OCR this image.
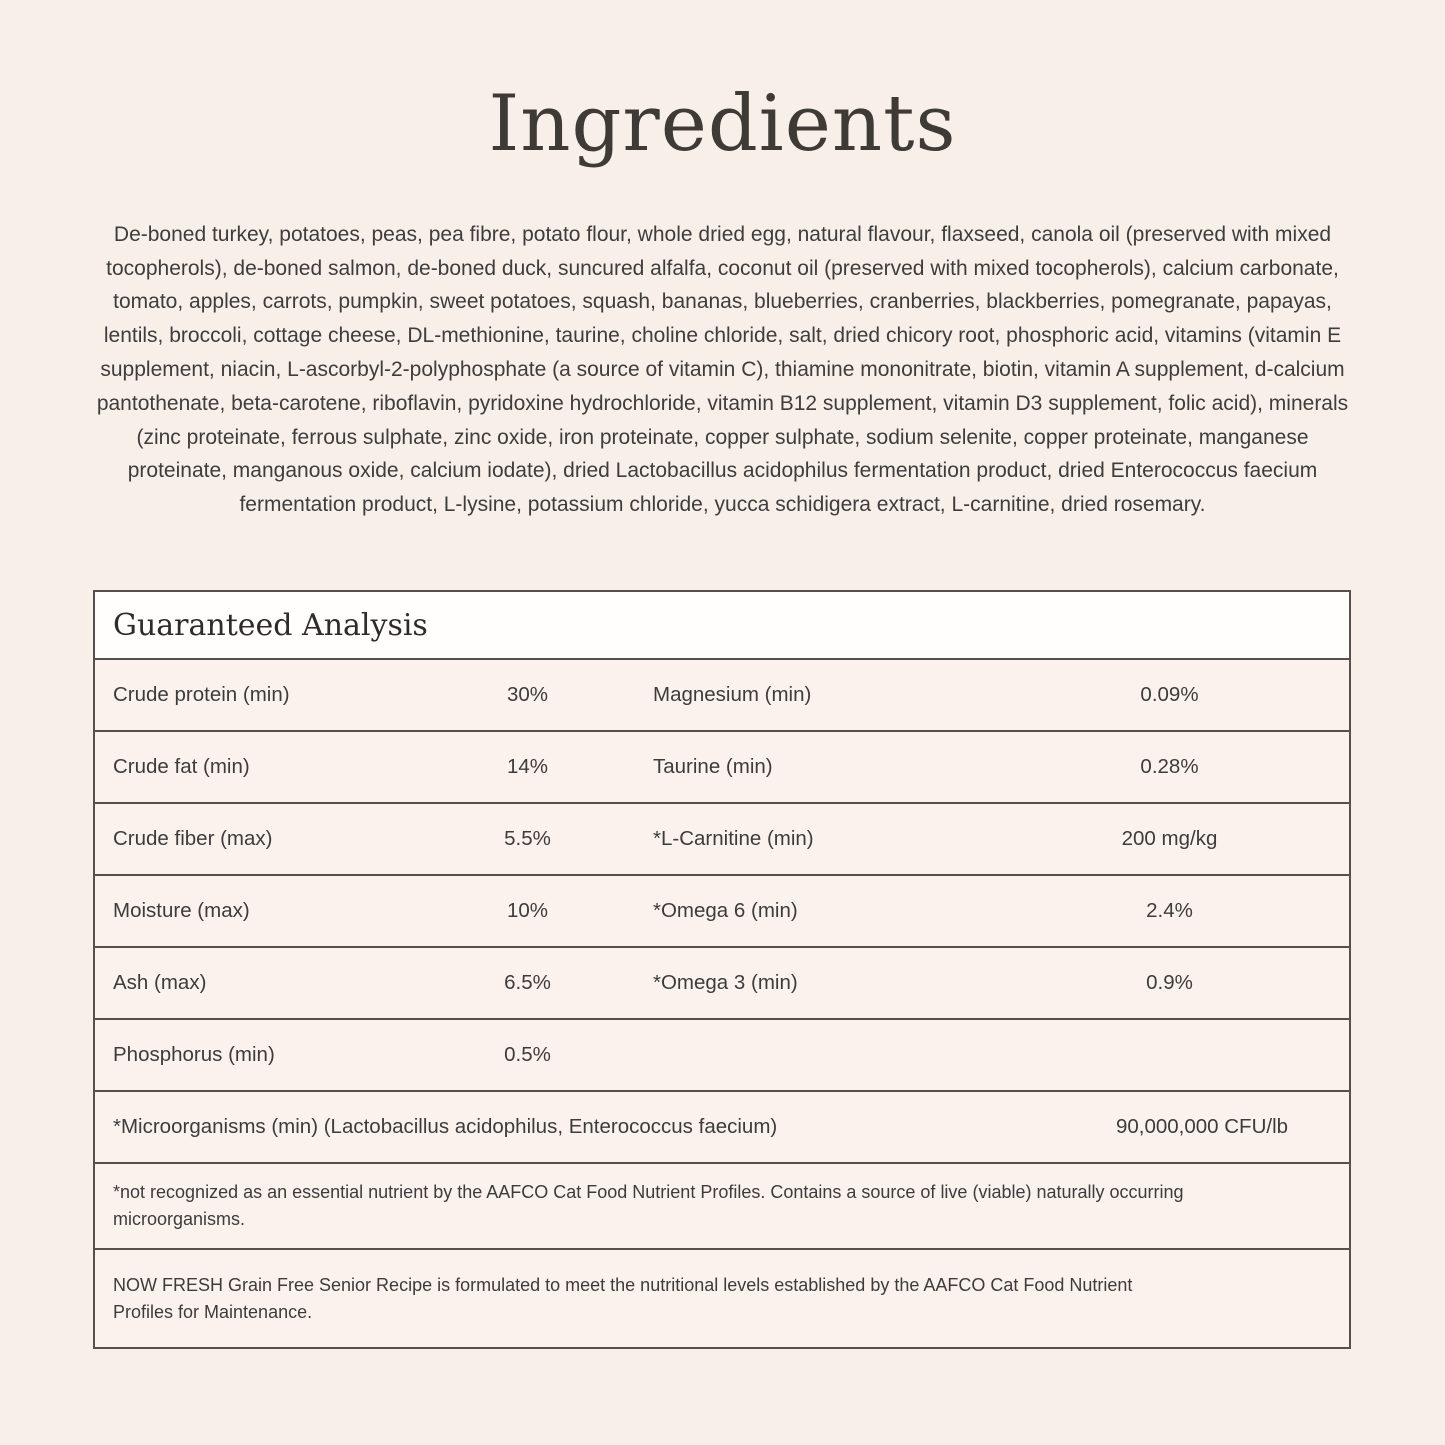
Ingredients

De-boned turkey, potatoes, peas, pea fibre, potato flour, whole dried egg, natural flavour, flaxseed, canola oil (preserved with mixed tocopherols), de-boned salmon, de-boned duck, suncured alfalfa, coconut oil (preserved with mixed tocopherols), calcium carbonate, tomato, apples, carrots, pumpkin, sweet potatoes, squash, bananas, blueberries, cranberries, blackberries, pomegranate, papayas, lentils, broccoli, cottage cheese, DL-methionine, taurine, choline chloride, salt, dried chicory root, phosphoric acid, vitamins (vitamin E supplement, niacin, L-ascorbyl-2-polyphosphate (a source of vitamin C), thiamine mononitrate, biotin, vitamin A supplement, d-calcium pantothenate, beta-carotene, riboflavin, pyridoxine hydrochloride, vitamin B12 supplement, vitamin D3 supplement, folic acid), minerals (zinc proteinate, ferrous sulphate, zinc oxide, iron proteinate, copper sulphate, sodium selenite, copper proteinate, manganese proteinate, manganous oxide, calcium iodate), dried Lactobacillus acidophilus fermentation product, dried Enterococcus faecium fermentation product, L-lysine, potassium chloride, yucca schidigera extract, L-carnitine, dried rosemary.

Guaranteed Analysis
Crude protein (min)	30%	Magnesium (min)	0.09%
Crude fat (min)	14%	Taurine (min)	0.28%
Crude fiber (max)	5.5%	*L-Carnitine (min)	200 mg/kg
Moisture (max)	10%	*Omega 6 (min)	2.4%
Ash (max)	6.5%	*Omega 3 (min)	0.9%
Phosphorus (min)	0.5%
*Microorganisms (min) (Lactobacillus acidophilus, Enterococcus faecium)	90,000,000 CFU/lb

*not recognized as an essential nutrient by the AAFCO Cat Food Nutrient Profiles. Contains a source of live (viable) naturally occurring microorganisms.

NOW FRESH Grain Free Senior Recipe is formulated to meet the nutritional levels established by the AAFCO Cat Food Nutrient Profiles for Maintenance.
